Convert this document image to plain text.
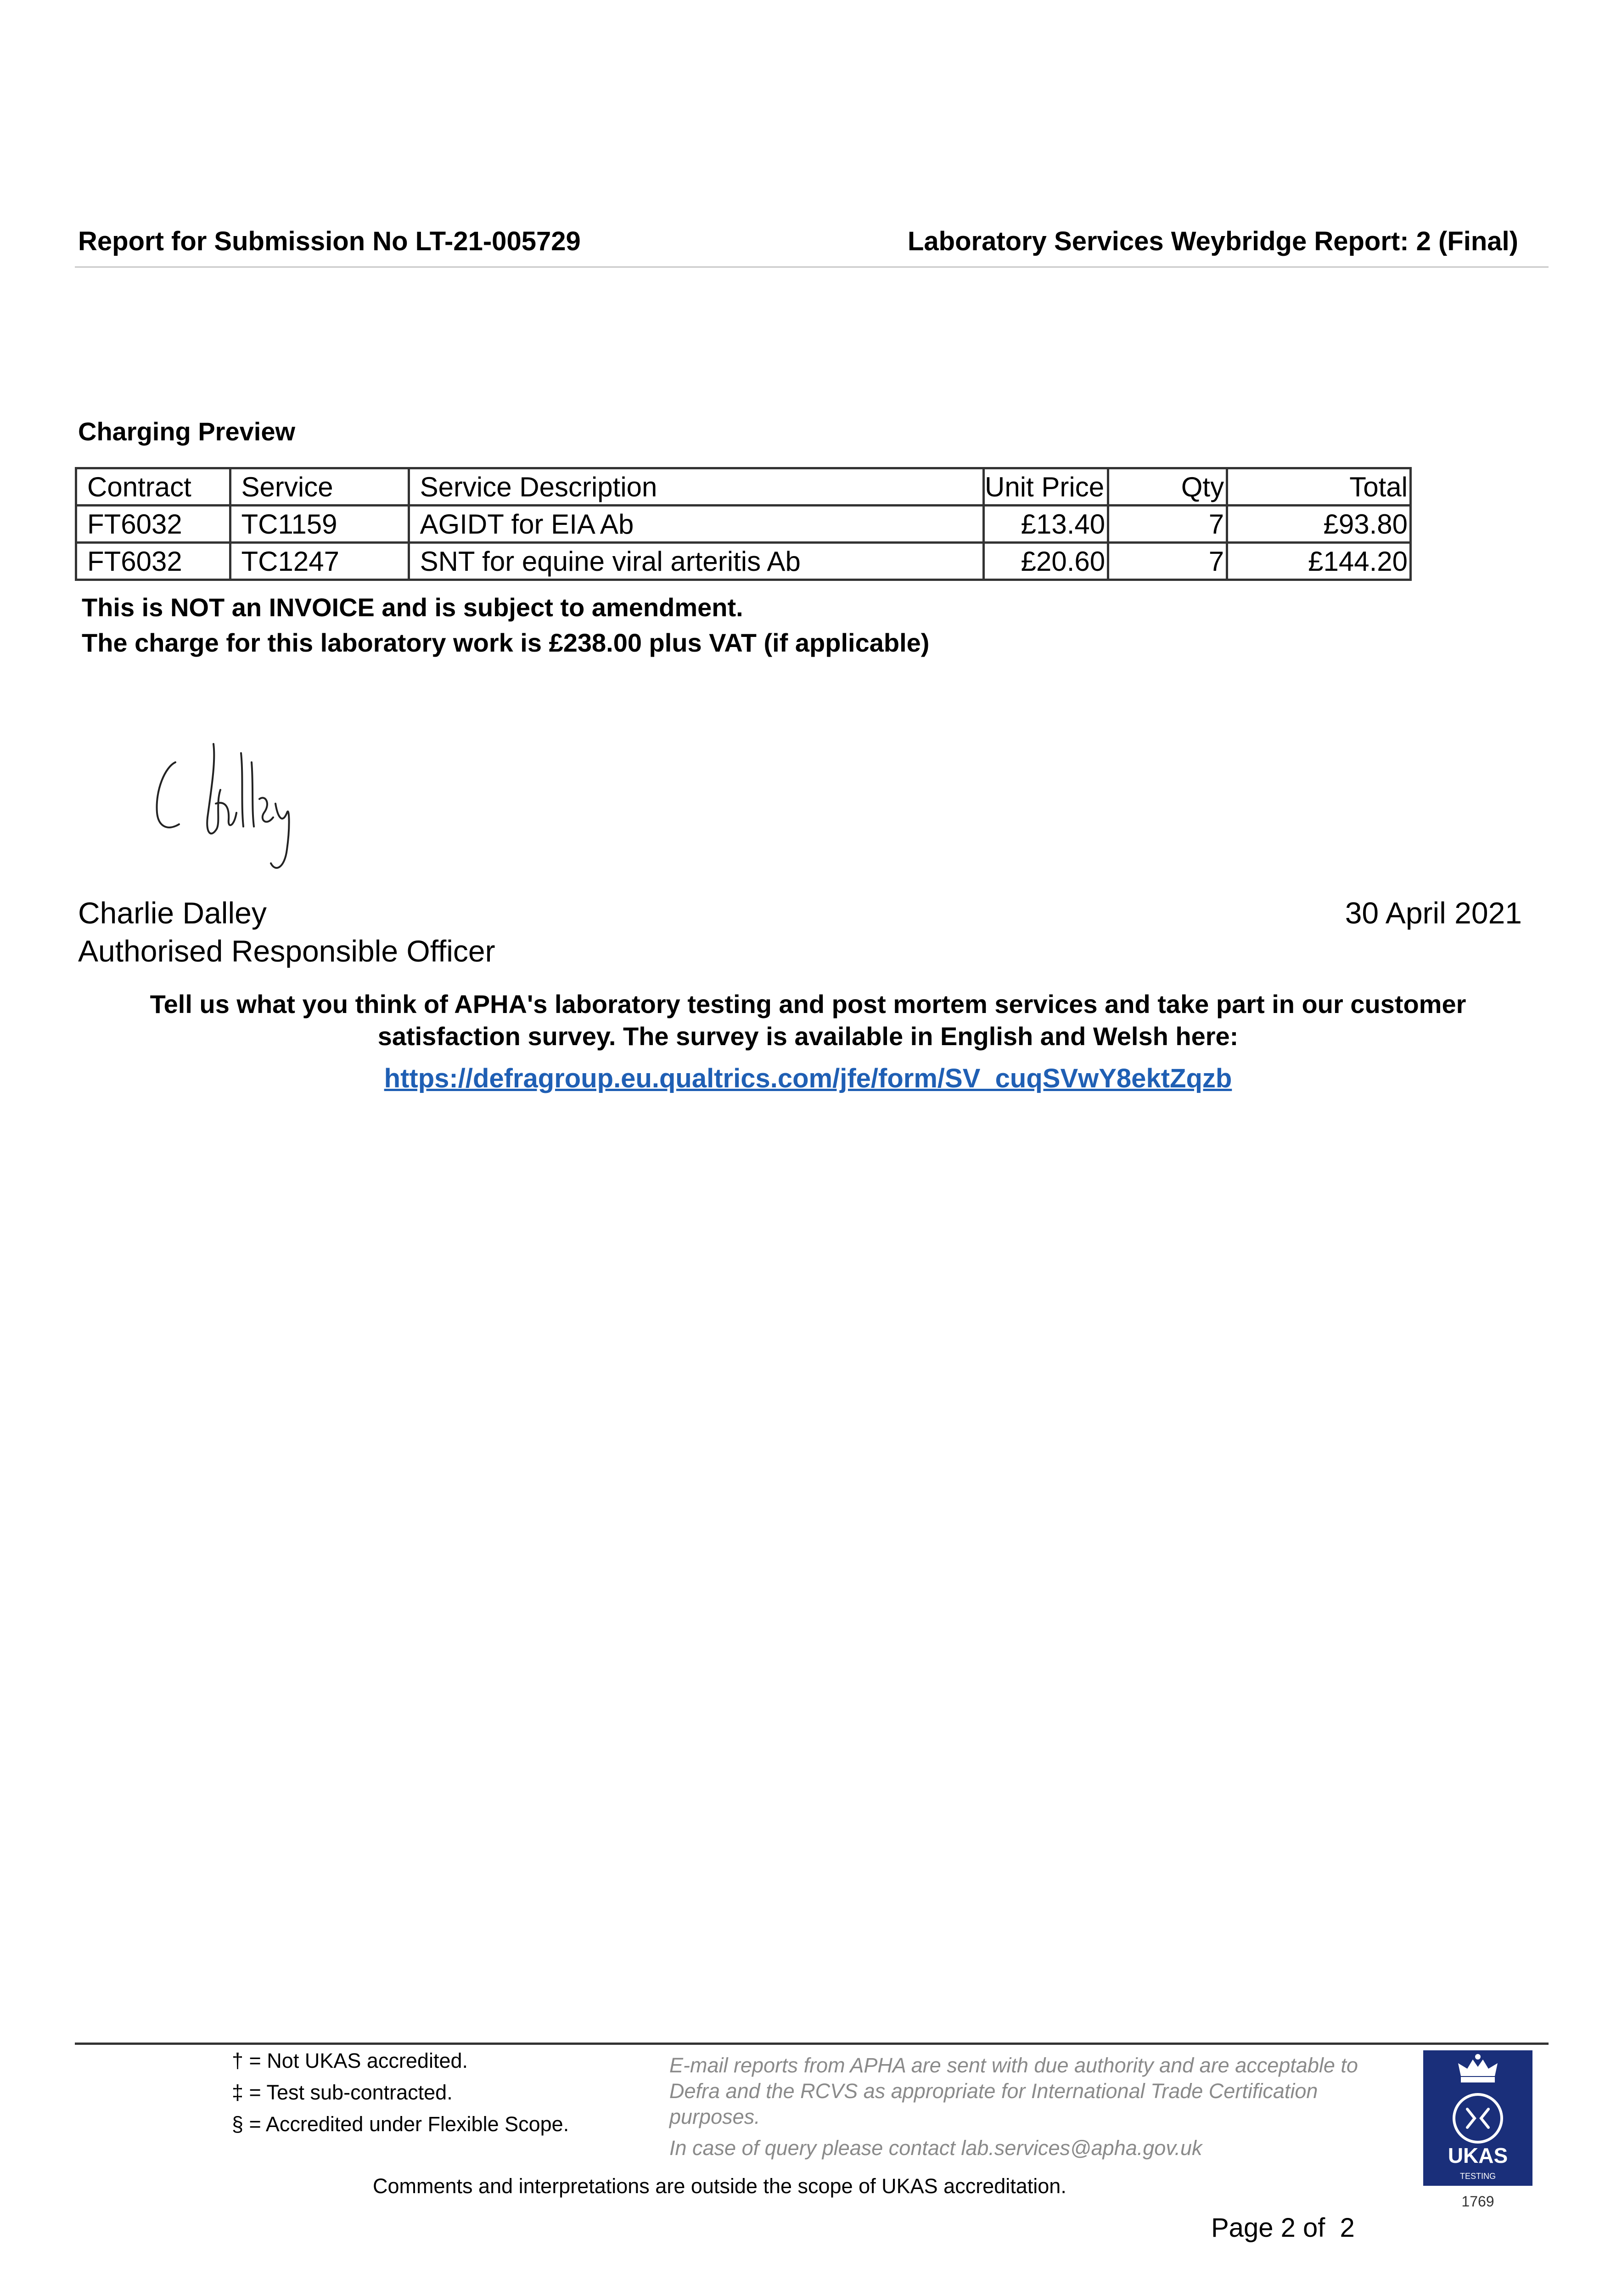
Report for Submission No LT-21-005729	Laboratory Services Weybridge Report: 2 (Final)
Charging Preview
Contract	Service	Service Description	Unit Price	Qty	Total
FT6032	TC1159	AGIDT for EIA Ab	£13.40	7	£93.80
FT6032	TC1247	SNT for equine viral arteritis Ab	£20.60	7	£144.20
This is NOT an INVOICE and is subject to amendment.
The charge for this laboratory work is £238.00 plus VAT (if applicable)
Charlie Dalley
Authorised Responsible Officer
30 April 2021
Tell us what you think of APHA's laboratory testing and post mortem services and take part in our customer satisfaction survey. The survey is available in English and Welsh here:
https://defragroup.eu.qualtrics.com/jfe/form/SV_cuqSVwY8ektZqzb
† = Not UKAS accredited.
‡ = Test sub-contracted.
§ = Accredited under Flexible Scope.
E-mail reports from APHA are sent with due authority and are acceptable to Defra and the RCVS as appropriate for International Trade Certification purposes.
In case of query please contact lab.services@apha.gov.uk
Comments and interpretations are outside the scope of UKAS accreditation.
Page 2 of  2
UKAS
TESTING
1769
